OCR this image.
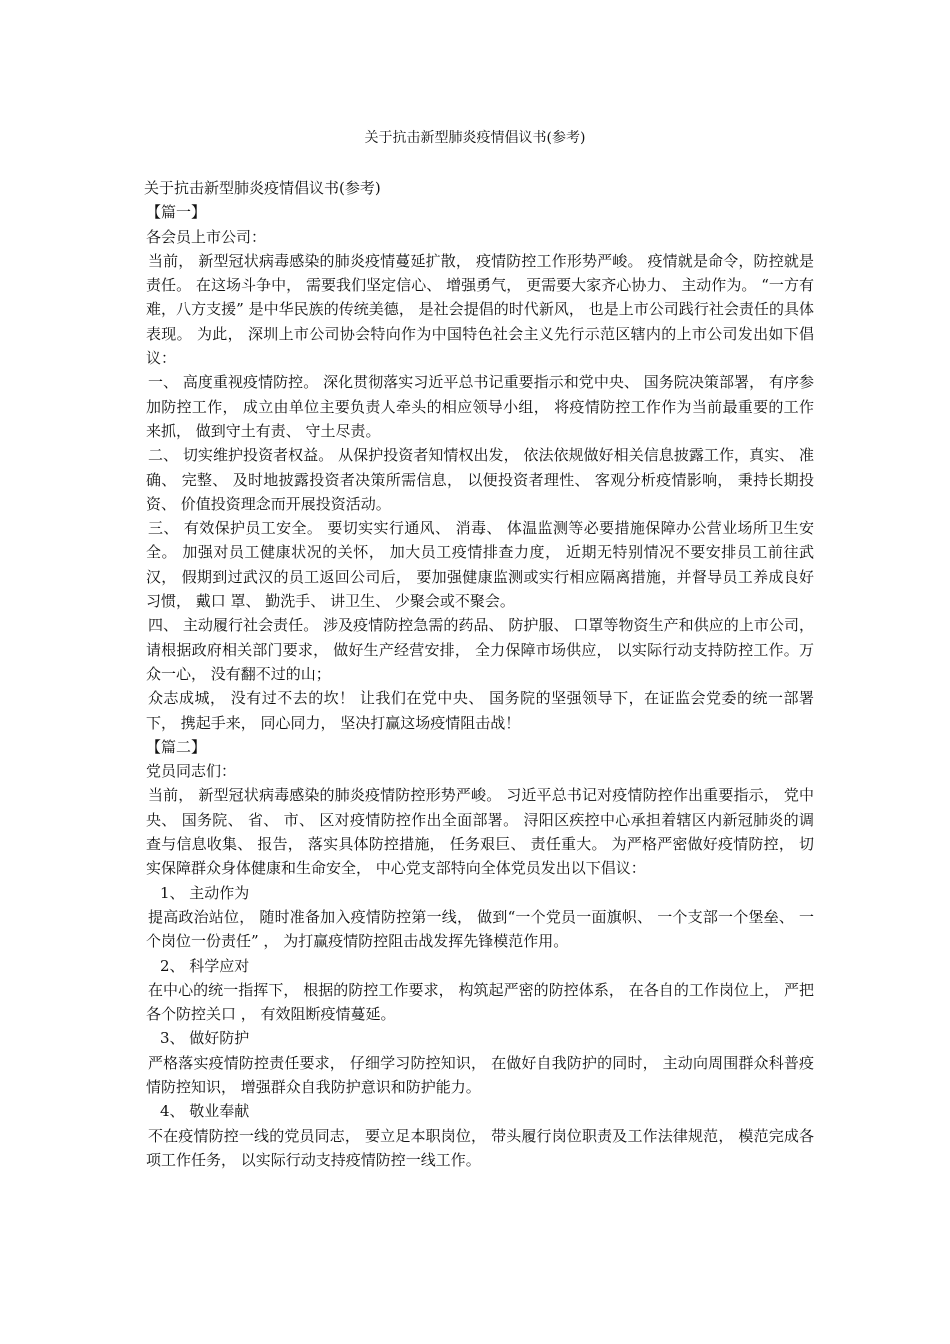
关于抗击新型肺炎疫情倡议书(参考)

关于抗击新型肺炎疫情倡议书(参考)

【篇一】

各会员上市公司：

当前， 新型冠状病毒感染的肺炎疫情蔓延扩散， 疫情防控工作形势严峻。 疫情就是命令，防控就是责任。 在这场斗争中， 需要我们坚定信心、 增强勇气， 更需要大家齐心协力、 主动作为。 “一方有难，八方支援” 是中华民族的传统美德， 是社会提倡的时代新风， 也是上市公司践行社会责任的具体表现。 为此， 深圳上市公司协会特向作为中国特色社会主义先行示范区辖内的上市公司发出如下倡议：

一、 高度重视疫情防控。 深化贯彻落实习近平总书记重要指示和党中央、 国务院决策部署， 有序参加防控工作， 成立由单位主要负责人牵头的相应领导小组， 将疫情防控工作作为当前最重要的工作来抓， 做到守土有责、 守土尽责。

二、 切实维护投资者权益。 从保护投资者知情权出发， 依法依规做好相关信息披露工作，真实、 准确、 完整、 及时地披露投资者决策所需信息， 以便投资者理性、 客观分析疫情影响， 秉持长期投资、 价值投资理念而开展投资活动。

三、 有效保护员工安全。 要切实实行通风、 消毒、 体温监测等必要措施保障办公营业场所卫生安全。 加强对员工健康状况的关怀， 加大员工疫情排查力度， 近期无特别情况不要安排员工前往武汉， 假期到过武汉的员工返回公司后， 要加强健康监测或实行相应隔离措施，并督导员工养成良好习惯， 戴口 罩、 勤洗手、 讲卫生、 少聚会或不聚会。

四、 主动履行社会责任。 涉及疫情防控急需的药品、 防护服、 口罩等物资生产和供应的上市公司， 请根据政府相关部门要求， 做好生产经营安排， 全力保障市场供应， 以实际行动支持防控工作。万众一心， 没有翻不过的山；

众志成城， 没有过不去的坎！ 让我们在党中央、 国务院的坚强领导下，在证监会党委的统一部署下， 携起手来， 同心同力， 坚决打赢这场疫情阻击战！

【篇二】

党员同志们：

当前， 新型冠状病毒感染的肺炎疫情防控形势严峻。 习近平总书记对疫情防控作出重要指示， 党中央、 国务院、 省、 市、 区对疫情防控作出全面部署。 浔阳区疾控中心承担着辖区内新冠肺炎的调查与信息收集、 报告， 落实具体防控措施， 任务艰巨、 责任重大。 为严格严密做好疫情防控， 切实保障群众身体健康和生命安全， 中心党支部特向全体党员发出以下倡议：

1、 主动作为

提高政治站位， 随时准备加入疫情防控第一线， 做到“一个党员一面旗帜、 一个支部一个堡垒、 一个岗位一份责任” ， 为打赢疫情防控阻击战发挥先锋模范作用。

2、 科学应对

在中心的统一指挥下， 根据的防控工作要求， 构筑起严密的防控体系， 在各自的工作岗位上， 严把各个防控关口 ， 有效阻断疫情蔓延。

3、 做好防护

严格落实疫情防控责任要求， 仔细学习防控知识， 在做好自我防护的同时， 主动向周围群众科普疫情防控知识， 增强群众自我防护意识和防护能力。

4、 敬业奉献

不在疫情防控一线的党员同志， 要立足本职岗位， 带头履行岗位职责及工作法律规范， 模范完成各项工作任务， 以实际行动支持疫情防控一线工作。
